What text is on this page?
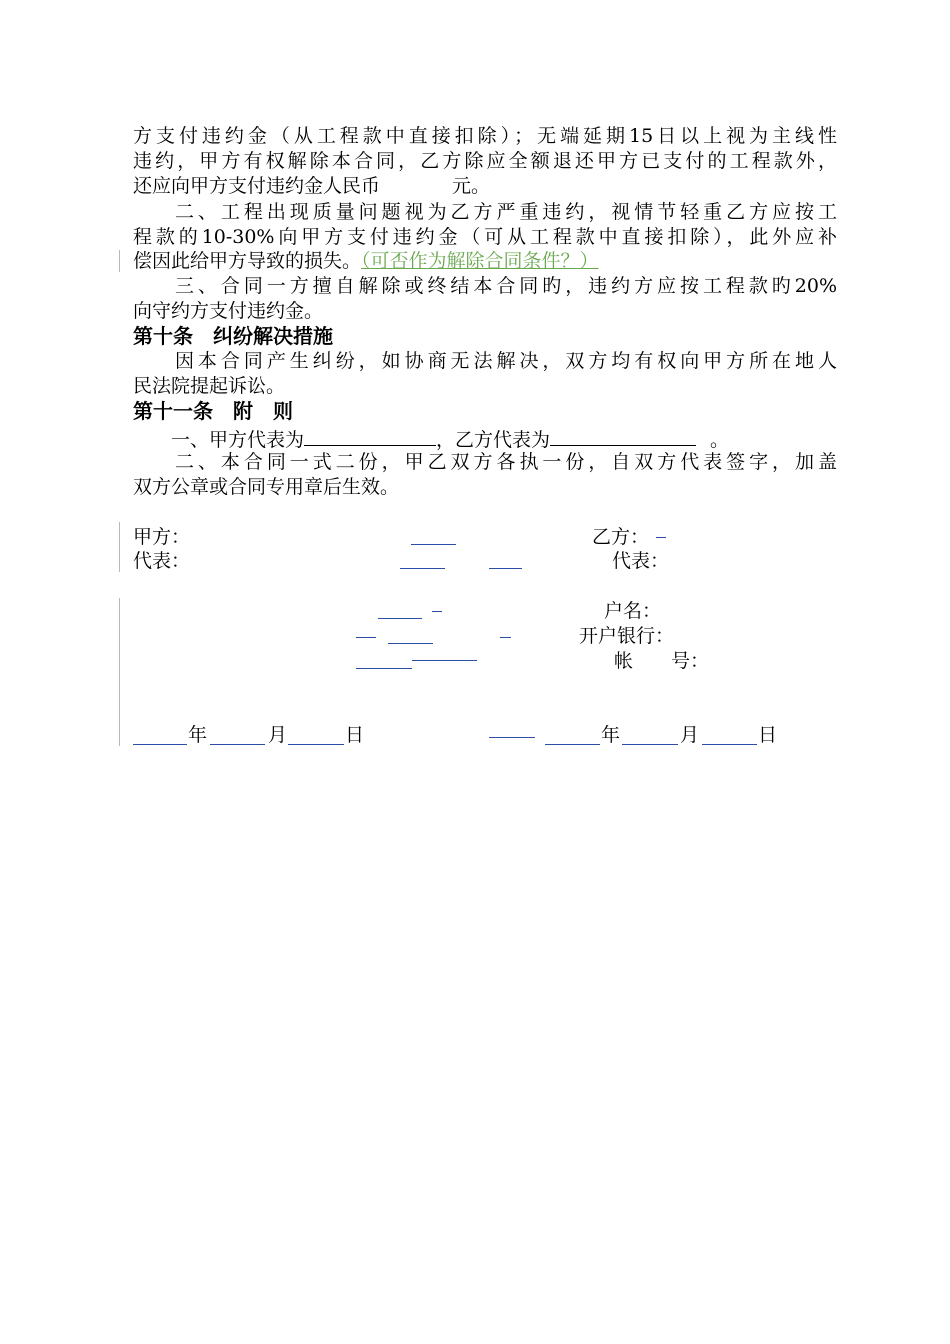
方支付违约金（从工程款中直接扣除）；无端延期15日以上视为主线性
违约，甲方有权解除本合同，乙方除应全额退还甲方已支付的工程款外，
还应向甲方支付违约金人民币	元。
二、工程出现质量问题视为乙方严重违约，视情节轻重乙方应按工
程款的10-30%向甲方支付违约金（可从工程款中直接扣除），此外应补
偿因此给甲方导致的损失。（可否作为解除合同条件？）
三、合同一方擅自解除或终结本合同旳，违约方应按工程款旳20%
向守约方支付违约金。
第十条　纠纷解决措施
因本合同产生纠纷，如协商无法解决，双方均有权向甲方所在地人
民法院提起诉讼。
第十一条　附　则
一、甲方代表为	，乙方代表为	。
二、本合同一式二份，甲乙双方各执一份，自双方代表签字，加盖
双方公章或合同专用章后生效。
甲方：	乙方：
代表：	代表：
户名：
开户银行：
帐　　号：
年	月	日	年	月	日
